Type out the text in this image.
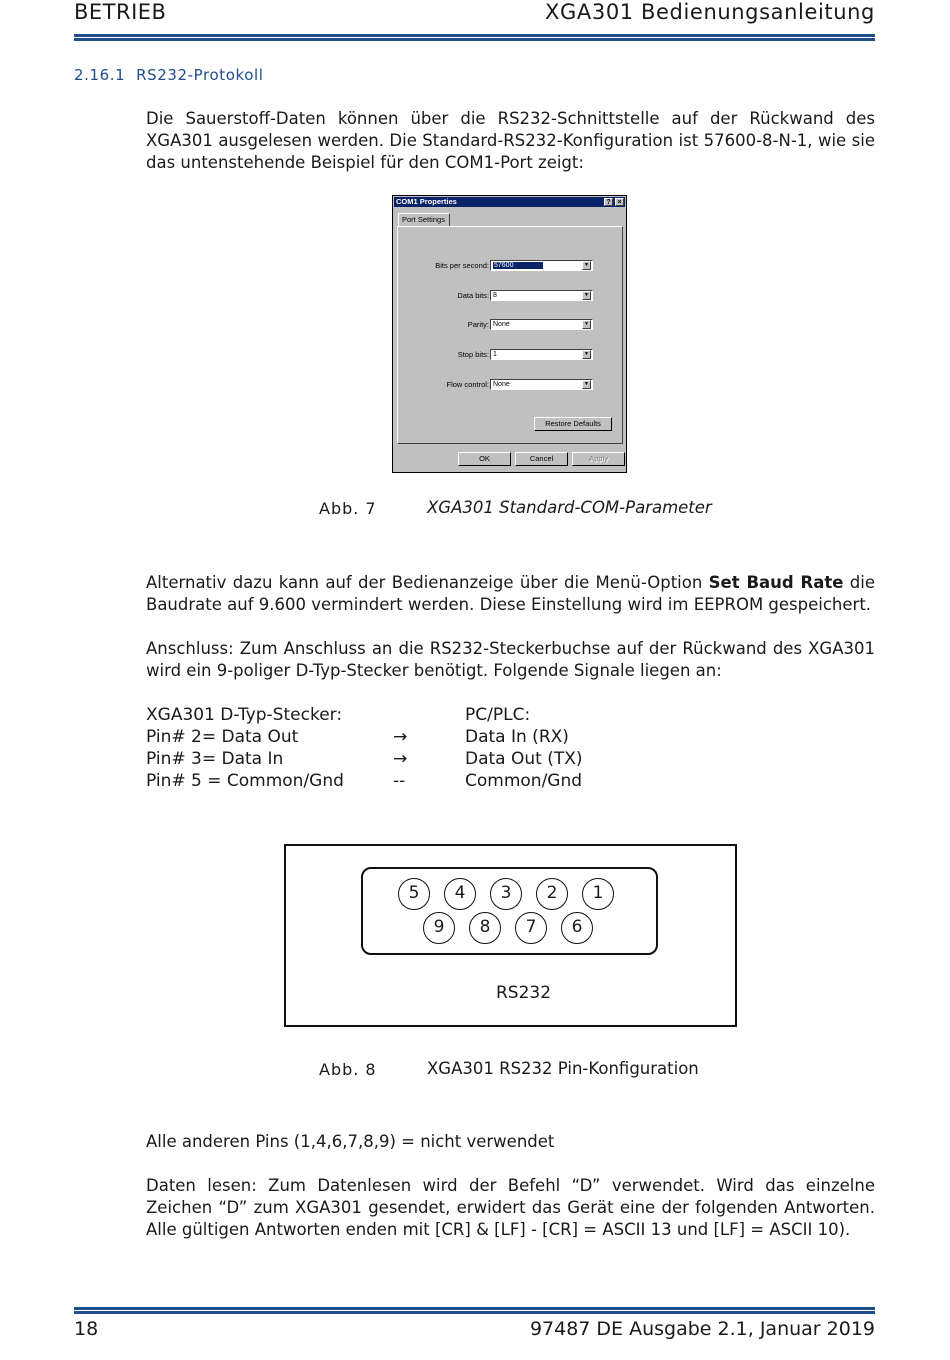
BETRIEB	XGA301 Bedienungsanleitung
2.16.1 RS232-Protokoll
Die Sauerstoff-Daten können über die RS232-Schnittstelle auf der Rückwand des XGA301 ausgelesen werden. Die Standard-RS232-Konfiguration ist 57600-8-N-1, wie sie das untenstehende Beispiel für den COM1-Port zeigt:
COM1 Properties	? ×
Port Settings
Bits per second: 57600	▼
Data bits: 8	▼
Parity: None	▼
Stop bits: 1	▼
Flow control: None	▼
Restore Defaults
OK	Cancel	Apply
Abb. 7	XGA301 Standard-COM-Parameter
Alternativ dazu kann auf der Bedienanzeige über die Menü-Option Set Baud Rate die Baudrate auf 9.600 vermindert werden. Diese Einstellung wird im EEPROM gespeichert.
Anschluss: Zum Anschluss an die RS232-Steckerbuchse auf der Rückwand des XGA301 wird ein 9-poliger D-Typ-Stecker benötigt. Folgende Signale liegen an:
XGA301 D-Typ-Stecker:	PC/PLC:
Pin# 2= Data Out	→	Data In (RX)
Pin# 3= Data In	→	Data Out (TX)
Pin# 5 = Common/Gnd	--	Common/Gnd
5	4	3	2	1
9	8	7	6
RS232
Abb. 8	XGA301 RS232 Pin-Konfiguration
Alle anderen Pins (1,4,6,7,8,9) = nicht verwendet
Daten lesen: Zum Datenlesen wird der Befehl “D” verwendet. Wird das einzelne Zeichen “D” zum XGA301 gesendet, erwidert das Gerät eine der folgenden Antworten. Alle gültigen Antworten enden mit [CR] & [LF] - [CR] = ASCII 13 und [LF] = ASCII 10).
18	97487 DE Ausgabe 2.1, Januar 2019
